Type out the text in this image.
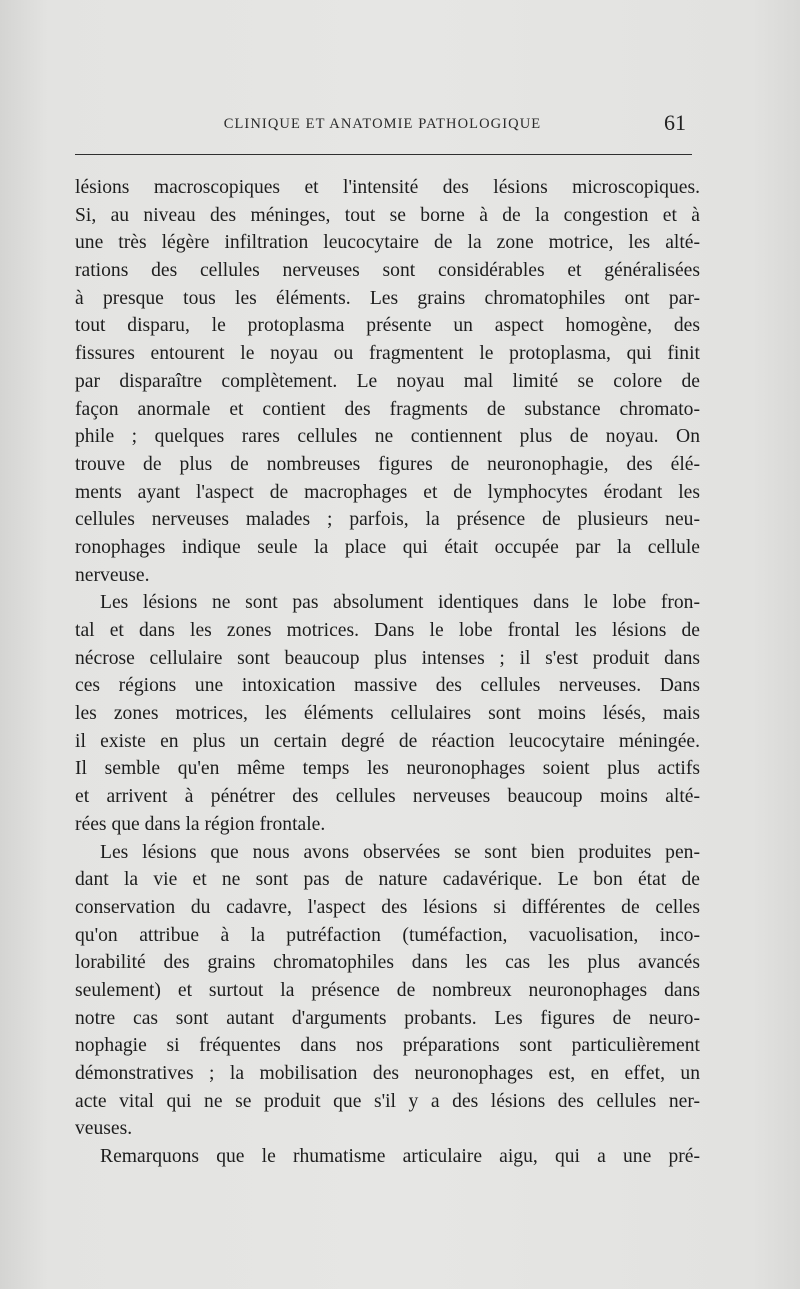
CLINIQUE ET ANATOMIE PATHOLOGIQUE	61
lésions macroscopiques et l'intensité des lésions microscopiques.
Si, au niveau des méninges, tout se borne à de la congestion et à
une très légère infiltration leucocytaire de la zone motrice, les alté-
rations des cellules nerveuses sont considérables et généralisées
à presque tous les éléments. Les grains chromatophiles ont par-
tout disparu, le protoplasma présente un aspect homogène, des
fissures entourent le noyau ou fragmentent le protoplasma, qui finit
par disparaître complètement. Le noyau mal limité se colore de
façon anormale et contient des fragments de substance chromato-
phile ; quelques rares cellules ne contiennent plus de noyau. On
trouve de plus de nombreuses figures de neuronophagie, des élé-
ments ayant l'aspect de macrophages et de lymphocytes érodant les
cellules nerveuses malades ; parfois, la présence de plusieurs neu-
ronophages indique seule la place qui était occupée par la cellule
nerveuse.
Les lésions ne sont pas absolument identiques dans le lobe fron-
tal et dans les zones motrices. Dans le lobe frontal les lésions de
nécrose cellulaire sont beaucoup plus intenses ; il s'est produit dans
ces régions une intoxication massive des cellules nerveuses. Dans
les zones motrices, les éléments cellulaires sont moins lésés, mais
il existe en plus un certain degré de réaction leucocytaire méningée.
Il semble qu'en même temps les neuronophages soient plus actifs
et arrivent à pénétrer des cellules nerveuses beaucoup moins alté-
rées que dans la région frontale.
Les lésions que nous avons observées se sont bien produites pen-
dant la vie et ne sont pas de nature cadavérique. Le bon état de
conservation du cadavre, l'aspect des lésions si différentes de celles
qu'on attribue à la putréfaction (tuméfaction, vacuolisation, inco-
lorabilité des grains chromatophiles dans les cas les plus avancés
seulement) et surtout la présence de nombreux neuronophages dans
notre cas sont autant d'arguments probants. Les figures de neuro-
nophagie si fréquentes dans nos préparations sont particulièrement
démonstratives ; la mobilisation des neuronophages est, en effet, un
acte vital qui ne se produit que s'il y a des lésions des cellules ner-
veuses.
Remarquons que le rhumatisme articulaire aigu, qui a une pré-
